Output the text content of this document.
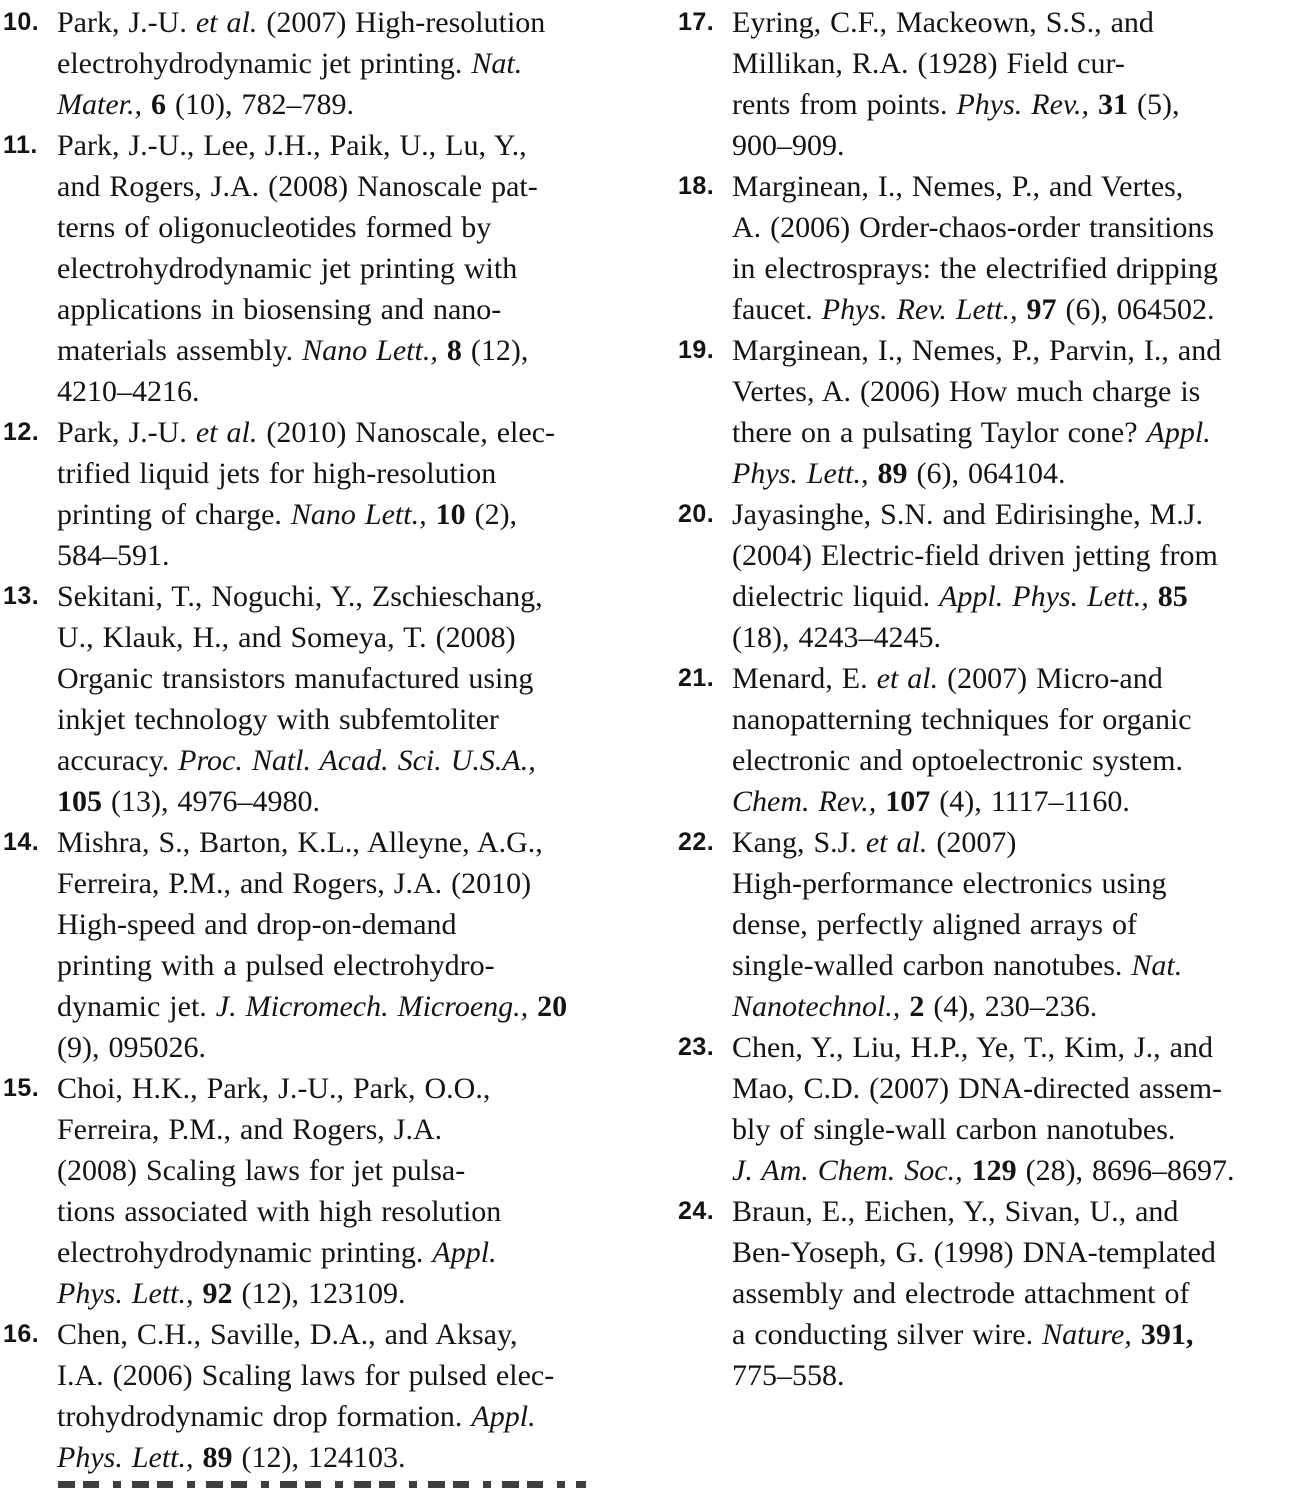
10. Park, J.-U. et al. (2007) High-resolution
electrohydrodynamic jet printing. Nat.
Mater., 6 (10), 782–789.
11. Park, J.-U., Lee, J.H., Paik, U., Lu, Y.,
and Rogers, J.A. (2008) Nanoscale pat-
terns of oligonucleotides formed by
electrohydrodynamic jet printing with
applications in biosensing and nano-
materials assembly. Nano Lett., 8 (12),
4210–4216.
12. Park, J.-U. et al. (2010) Nanoscale, elec-
trified liquid jets for high-resolution
printing of charge. Nano Lett., 10 (2),
584–591.
13. Sekitani, T., Noguchi, Y., Zschieschang,
U., Klauk, H., and Someya, T. (2008)
Organic transistors manufactured using
inkjet technology with subfemtoliter
accuracy. Proc. Natl. Acad. Sci. U.S.A.,
105 (13), 4976–4980.
14. Mishra, S., Barton, K.L., Alleyne, A.G.,
Ferreira, P.M., and Rogers, J.A. (2010)
High-speed and drop-on-demand
printing with a pulsed electrohydro-
dynamic jet. J. Micromech. Microeng., 20
(9), 095026.
15. Choi, H.K., Park, J.-U., Park, O.O.,
Ferreira, P.M., and Rogers, J.A.
(2008) Scaling laws for jet pulsa-
tions associated with high resolution
electrohydrodynamic printing. Appl.
Phys. Lett., 92 (12), 123109.
16. Chen, C.H., Saville, D.A., and Aksay,
I.A. (2006) Scaling laws for pulsed elec-
trohydrodynamic drop formation. Appl.
Phys. Lett., 89 (12), 124103.
17. Eyring, C.F., Mackeown, S.S., and
Millikan, R.A. (1928) Field cur-
rents from points. Phys. Rev., 31 (5),
900–909.
18. Marginean, I., Nemes, P., and Vertes,
A. (2006) Order-chaos-order transitions
in electrosprays: the electrified dripping
faucet. Phys. Rev. Lett., 97 (6), 064502.
19. Marginean, I., Nemes, P., Parvin, I., and
Vertes, A. (2006) How much charge is
there on a pulsating Taylor cone? Appl.
Phys. Lett., 89 (6), 064104.
20. Jayasinghe, S.N. and Edirisinghe, M.J.
(2004) Electric-field driven jetting from
dielectric liquid. Appl. Phys. Lett., 85
(18), 4243–4245.
21. Menard, E. et al. (2007) Micro-and
nanopatterning techniques for organic
electronic and optoelectronic system.
Chem. Rev., 107 (4), 1117–1160.
22. Kang, S.J. et al. (2007)
High-performance electronics using
dense, perfectly aligned arrays of
single-walled carbon nanotubes. Nat.
Nanotechnol., 2 (4), 230–236.
23. Chen, Y., Liu, H.P., Ye, T., Kim, J., and
Mao, C.D. (2007) DNA-directed assem-
bly of single-wall carbon nanotubes.
J. Am. Chem. Soc., 129 (28), 8696–8697.
24. Braun, E., Eichen, Y., Sivan, U., and
Ben-Yoseph, G. (1998) DNA-templated
assembly and electrode attachment of
a conducting silver wire. Nature, 391,
775–558.
